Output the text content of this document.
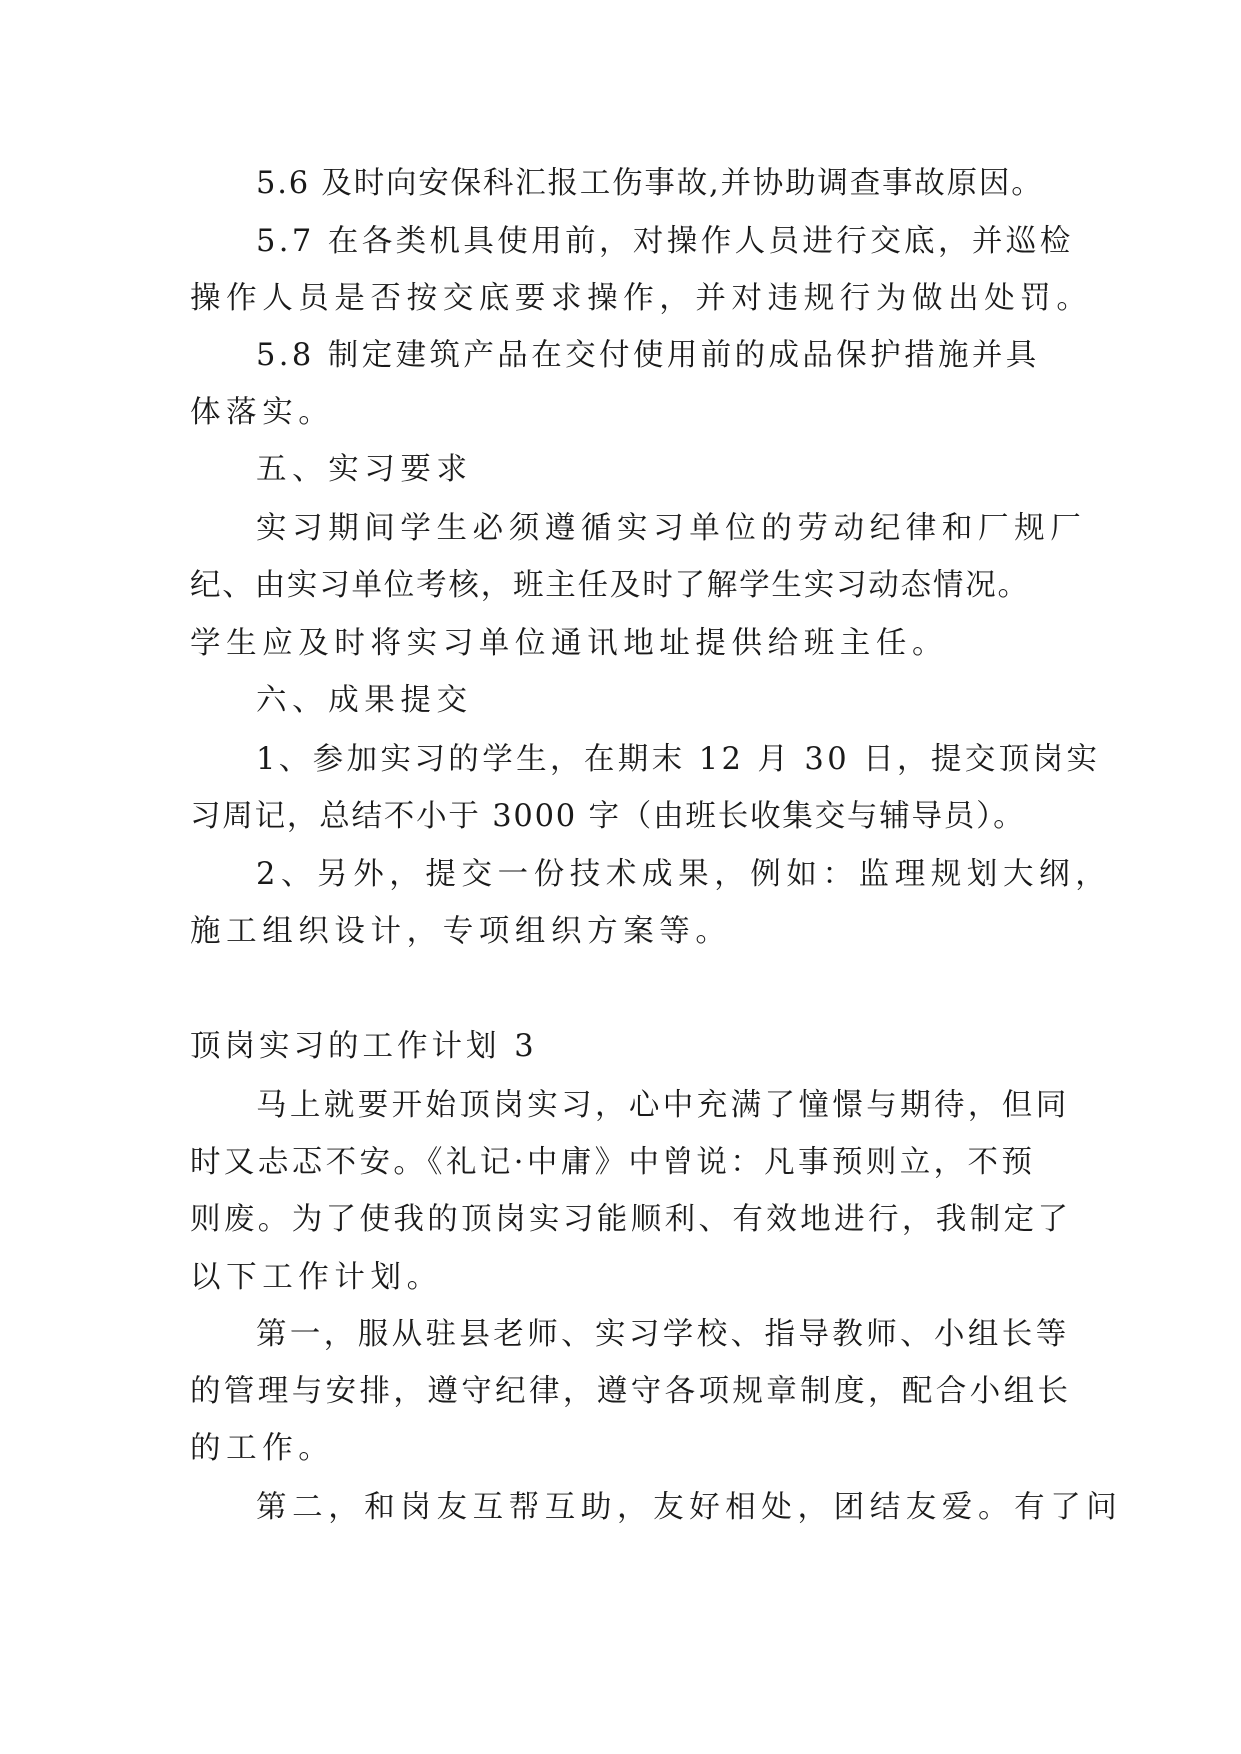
5.6 及时向安保科汇报工伤事故,并协助调查事故原因。

5.7 在各类机具使用前，对操作人员进行交底，并巡检

操作人员是否按交底要求操作，并对违规行为做出处罚。

5.8 制定建筑产品在交付使用前的成品保护措施并具

体落实。

五、实习要求

实习期间学生必须遵循实习单位的劳动纪律和厂规厂

纪、由实习单位考核，班主任及时了解学生实习动态情况。

学生应及时将实习单位通讯地址提供给班主任。

六、成果提交

1、参加实习的学生，在期末 12 月 30 日，提交顶岗实

习周记，总结不小于 3000 字（由班长收集交与辅导员）。

2、另外，提交一份技术成果，例如：监理规划大纲，

施工组织设计，专项组织方案等。

顶岗实习的工作计划 3

马上就要开始顶岗实习，心中充满了憧憬与期待，但同

时又忐忑不安。《礼记·中庸》中曾说：凡事预则立，不预

则废。为了使我的顶岗实习能顺利、有效地进行，我制定了

以下工作计划。

第一，服从驻县老师、实习学校、指导教师、小组长等

的管理与安排，遵守纪律，遵守各项规章制度，配合小组长

的工作。

第二，和岗友互帮互助，友好相处，团结友爱。有了问
